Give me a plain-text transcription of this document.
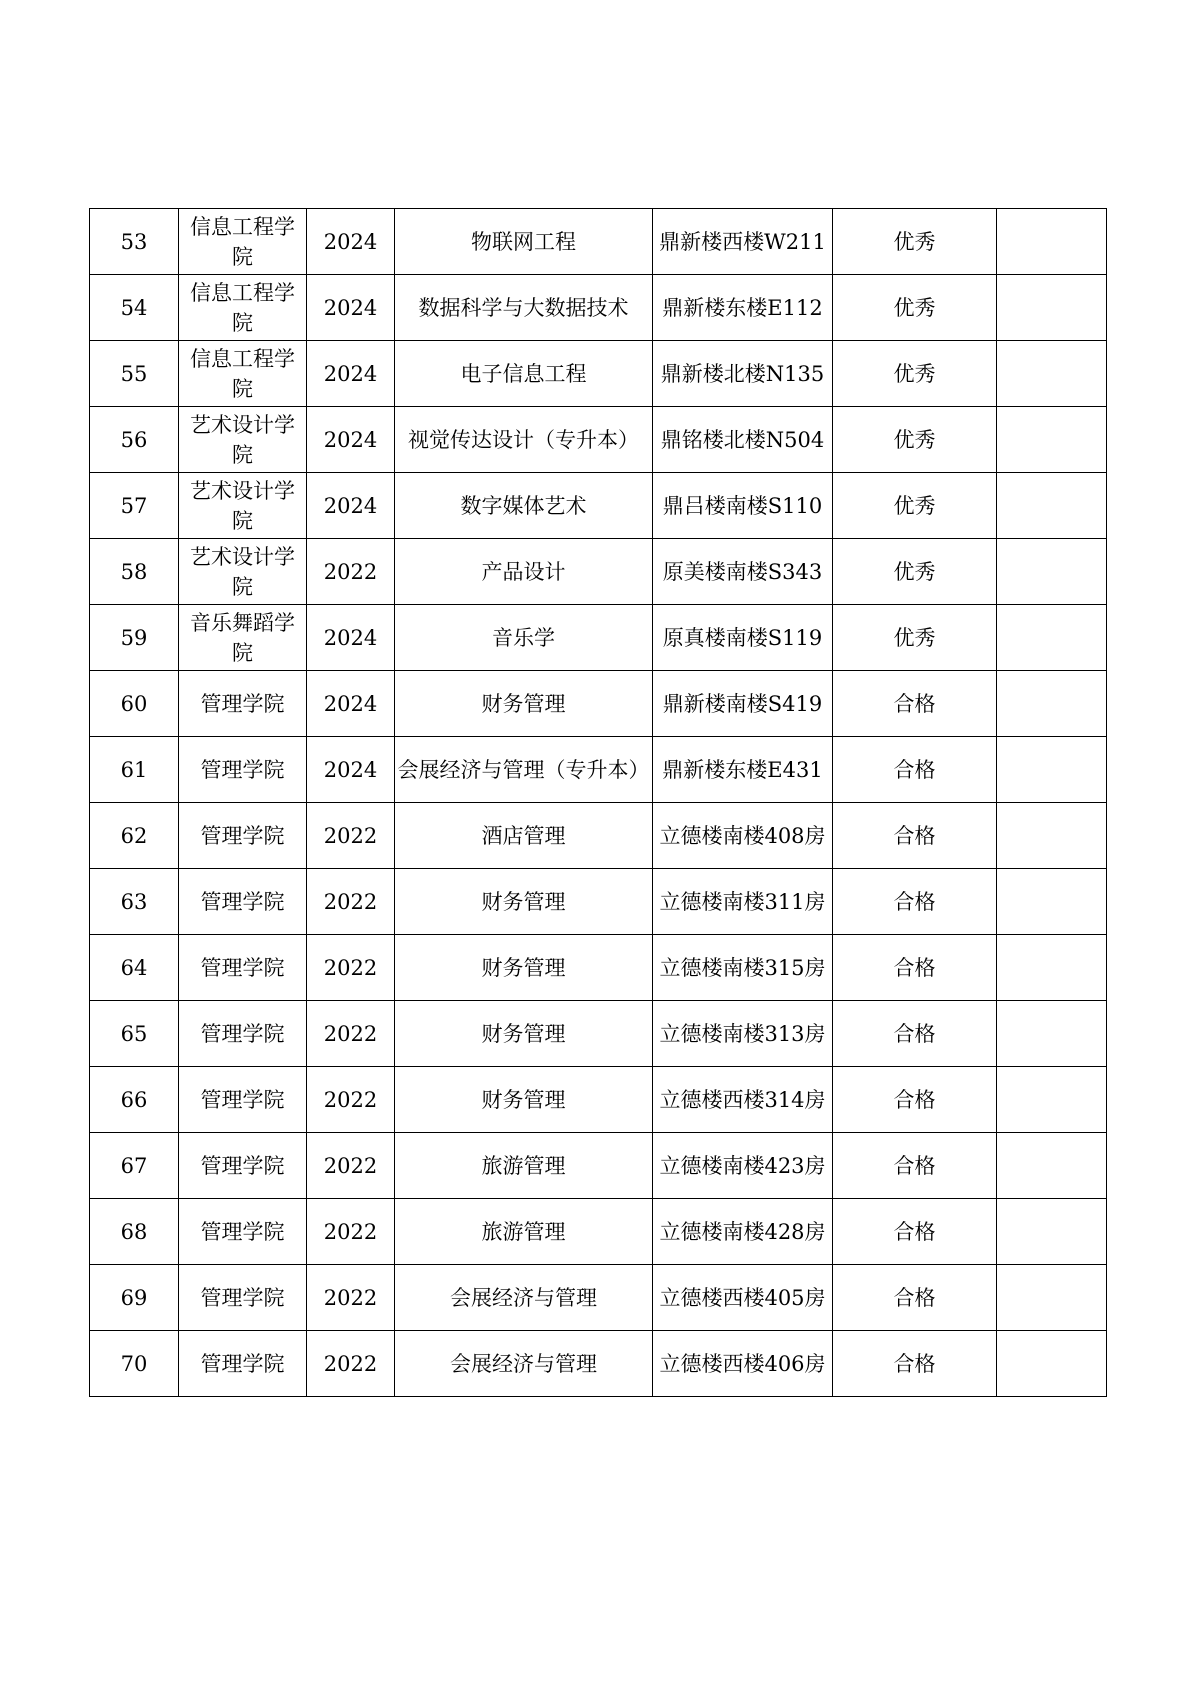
53	信息工程学院	2024	物联网工程	鼎新楼西楼W211	优秀	
54	信息工程学院	2024	数据科学与大数据技术	鼎新楼东楼E112	优秀	
55	信息工程学院	2024	电子信息工程	鼎新楼北楼N135	优秀	
56	艺术设计学院	2024	视觉传达设计（专升本）	鼎铭楼北楼N504	优秀	
57	艺术设计学院	2024	数字媒体艺术	鼎吕楼南楼S110	优秀	
58	艺术设计学院	2022	产品设计	原美楼南楼S343	优秀	
59	音乐舞蹈学院	2024	音乐学	原真楼南楼S119	优秀	
60	管理学院	2024	财务管理	鼎新楼南楼S419	合格	
61	管理学院	2024	会展经济与管理（专升本）	鼎新楼东楼E431	合格	
62	管理学院	2022	酒店管理	立德楼南楼408房	合格	
63	管理学院	2022	财务管理	立德楼南楼311房	合格	
64	管理学院	2022	财务管理	立德楼南楼315房	合格	
65	管理学院	2022	财务管理	立德楼南楼313房	合格	
66	管理学院	2022	财务管理	立德楼西楼314房	合格	
67	管理学院	2022	旅游管理	立德楼南楼423房	合格	
68	管理学院	2022	旅游管理	立德楼南楼428房	合格	
69	管理学院	2022	会展经济与管理	立德楼西楼405房	合格	
70	管理学院	2022	会展经济与管理	立德楼西楼406房	合格	
